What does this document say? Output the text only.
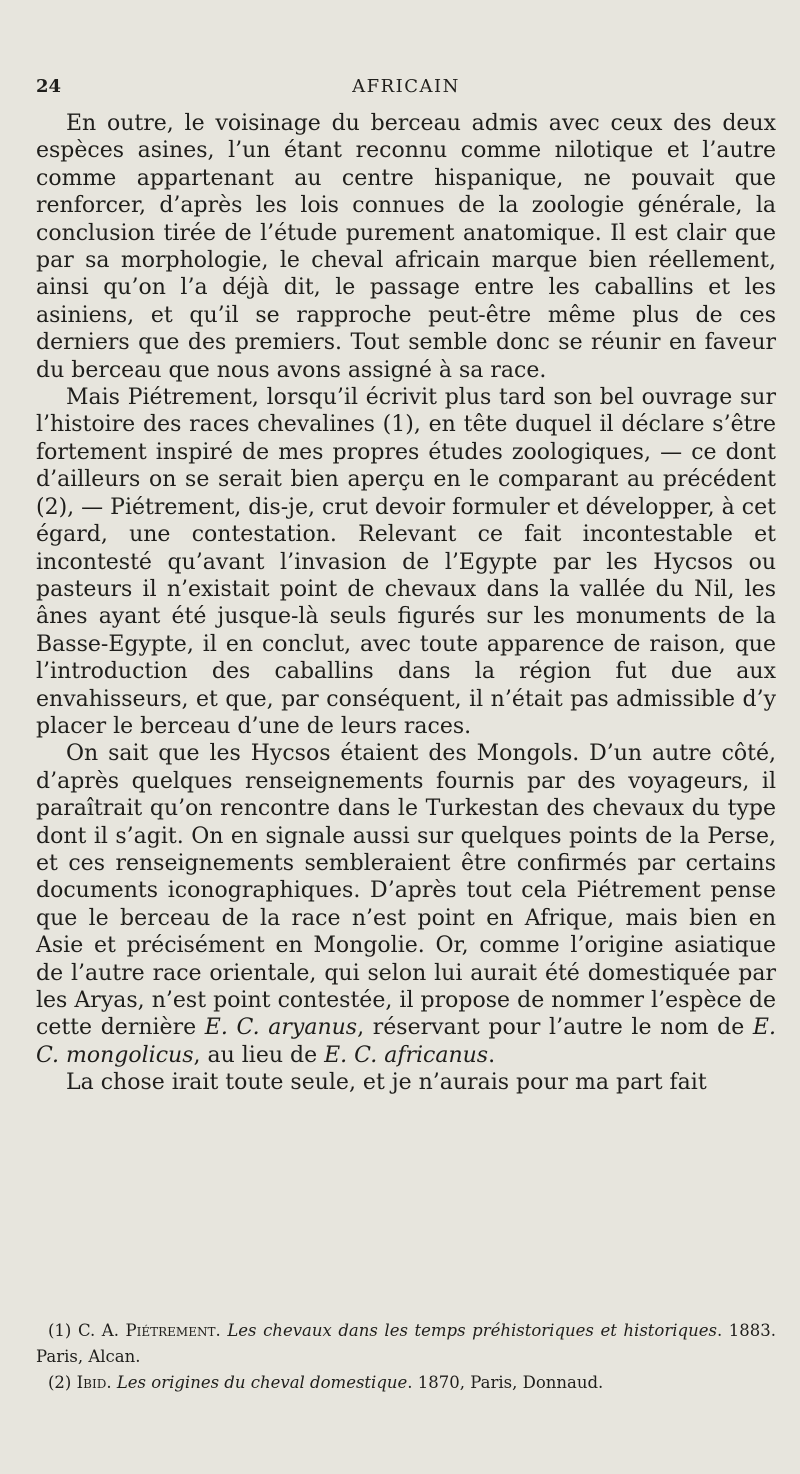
24	AFRICAIN

En outre, le voisinage du berceau admis avec ceux des deux espèces asines, l’un étant reconnu comme nilotique et l’autre comme appartenant au centre hispanique, ne pouvait que renforcer, d’après les lois connues de la zoologie générale, la conclusion tirée de l’étude purement anatomique. Il est clair que par sa morphologie, le cheval africain marque bien réellement, ainsi qu’on l’a déjà dit, le passage entre les caballins et les asiniens, et qu’il se rapproche peut-être même plus de ces derniers que des premiers. Tout semble donc se réunir en faveur du berceau que nous avons assigné à sa race.

Mais Piétrement, lorsqu’il écrivit plus tard son bel ouvrage sur l’histoire des races chevalines (1), en tête duquel il déclare s’être fortement inspiré de mes propres études zoologiques, — ce dont d’ailleurs on se serait bien aperçu en le comparant au précédent (2), — Piétrement, dis-je, crut devoir formuler et développer, à cet égard, une contestation. Relevant ce fait incontestable et incontesté qu’avant l’invasion de l’Egypte par les Hycsos ou pasteurs il n’existait point de chevaux dans la vallée du Nil, les ânes ayant été jusque-là seuls figurés sur les monuments de la Basse-Egypte, il en conclut, avec toute apparence de raison, que l’introduction des caballins dans la région fut due aux envahisseurs, et que, par conséquent, il n’était pas admissible d’y placer le berceau d’une de leurs races.

On sait que les Hycsos étaient des Mongols. D’un autre côté, d’après quelques renseignements fournis par des voyageurs, il paraîtrait qu’on rencontre dans le Turkestan des chevaux du type dont il s’agit. On en signale aussi sur quelques points de la Perse, et ces renseignements sembleraient être confirmés par certains documents iconographiques. D’après tout cela Piétrement pense que le berceau de la race n’est point en Afrique, mais bien en Asie et précisément en Mongolie. Or, comme l’origine asiatique de l’autre race orientale, qui selon lui aurait été domestiquée par les Aryas, n’est point contestée, il propose de nommer l’espèce de cette dernière E. C. aryanus, réservant pour l’autre le nom de E. C. mongolicus, au lieu de E. C. africanus.

La chose irait toute seule, et je n’aurais pour ma part fait

(1) C. A. Piétrement. Les chevaux dans les temps préhistoriques et historiques. 1883. Paris, Alcan.

(2) Ibid. Les origines du cheval domestique. 1870, Paris, Donnaud.
